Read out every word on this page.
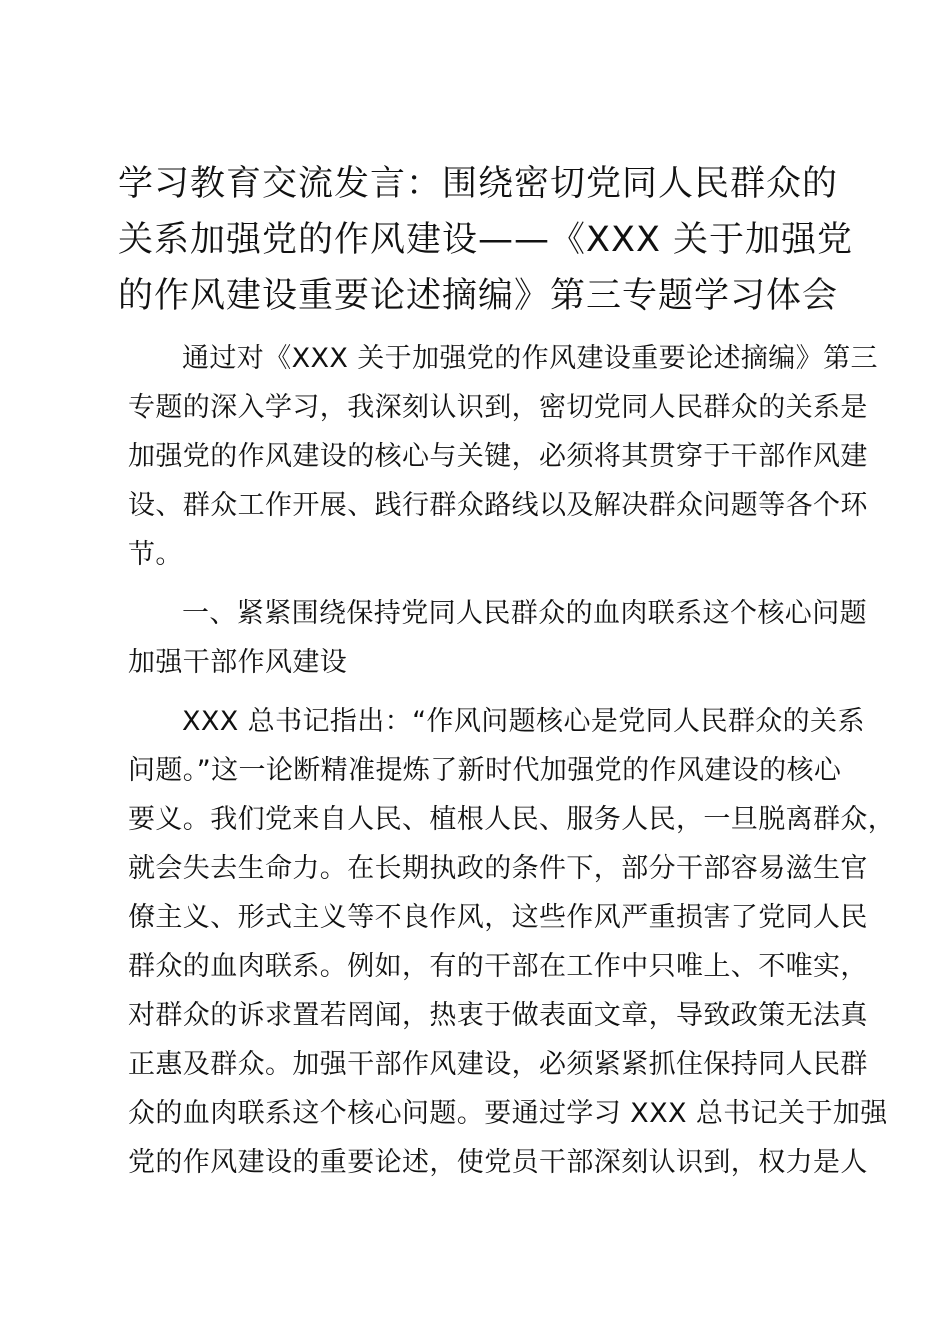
学习教育交流发言：围绕密切党同人民群众的
关系加强党的作风建设——《XXX 关于加强党
的作风建设重要论述摘编》第三专题学习体会

通过对《XXX 关于加强党的作风建设重要论述摘编》第三
专题的深入学习，我深刻认识到，密切党同人民群众的关系是
加强党的作风建设的核心与关键，必须将其贯穿于干部作风建
设、群众工作开展、践行群众路线以及解决群众问题等各个环
节。

一、紧紧围绕保持党同人民群众的血肉联系这个核心问题
加强干部作风建设

XXX 总书记指出：“作风问题核心是党同人民群众的关系
问题。”这一论断精准提炼了新时代加强党的作风建设的核心
要义。我们党来自人民、植根人民、服务人民，一旦脱离群众，
就会失去生命力。在长期执政的条件下，部分干部容易滋生官
僚主义、形式主义等不良作风，这些作风严重损害了党同人民
群众的血肉联系。例如，有的干部在工作中只唯上、不唯实，
对群众的诉求置若罔闻，热衷于做表面文章，导致政策无法真
正惠及群众。加强干部作风建设，必须紧紧抓住保持同人民群
众的血肉联系这个核心问题。要通过学习 XXX 总书记关于加强
党的作风建设的重要论述，使党员干部深刻认识到，权力是人
